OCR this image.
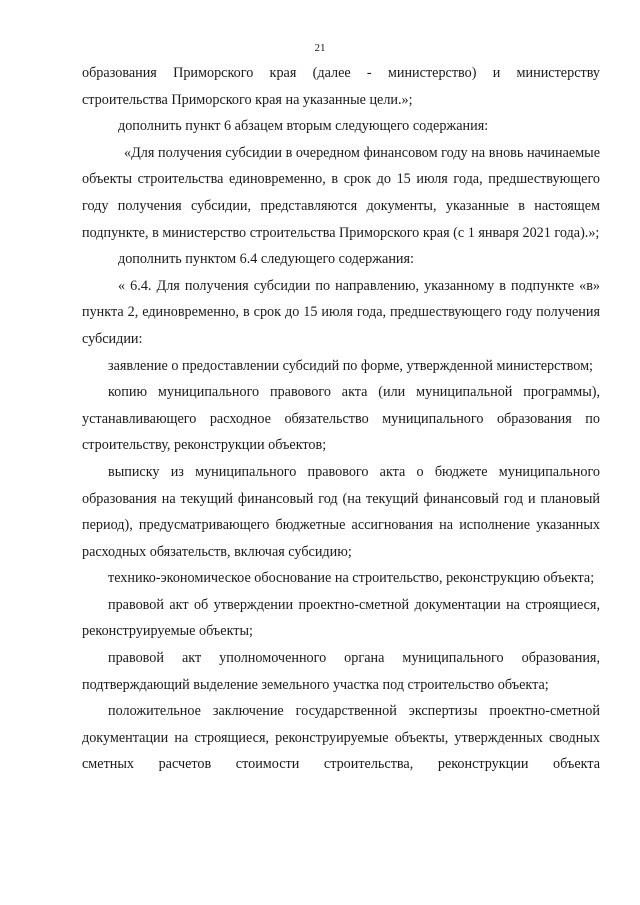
21

образования Приморского края (далее - министерство) и министерству строительства Приморского края на указанные цели.»;

дополнить пункт 6 абзацем вторым следующего содержания:

«Для получения субсидии в очередном финансовом году на вновь начинаемые объекты строительства единовременно, в срок до 15 июля года, предшествующего году получения субсидии, представляются документы, указанные в настоящем подпункте, в министерство строительства Приморского края (с 1 января 2021 года).»;

дополнить пунктом 6.4 следующего содержания:

« 6.4. Для получения субсидии по направлению, указанному в подпункте «в» пункта 2, единовременно, в срок до 15 июля года, предшествующего году получения субсидии:

заявление о предоставлении субсидий по форме, утвержденной министерством;

копию муниципального правового акта (или муниципальной программы), устанавливающего расходное обязательство муниципального образования по строительству, реконструкции объектов;

выписку из муниципального правового акта о бюджете муниципального образования на текущий финансовый год (на текущий финансовый год и плановый период), предусматривающего бюджетные ассигнования на исполнение указанных расходных обязательств, включая субсидию;

технико-экономическое обоснование на строительство, реконструкцию объекта;

правовой акт об утверждении проектно-сметной документации на строящиеся, реконструируемые объекты;

правовой акт уполномоченного органа муниципального образования, подтверждающий выделение земельного участка под строительство объекта;

положительное заключение государственной экспертизы проектно-сметной документации на строящиеся, реконструируемые объекты, утвержденных сводных сметных расчетов стоимости строительства, реконструкции объекта
